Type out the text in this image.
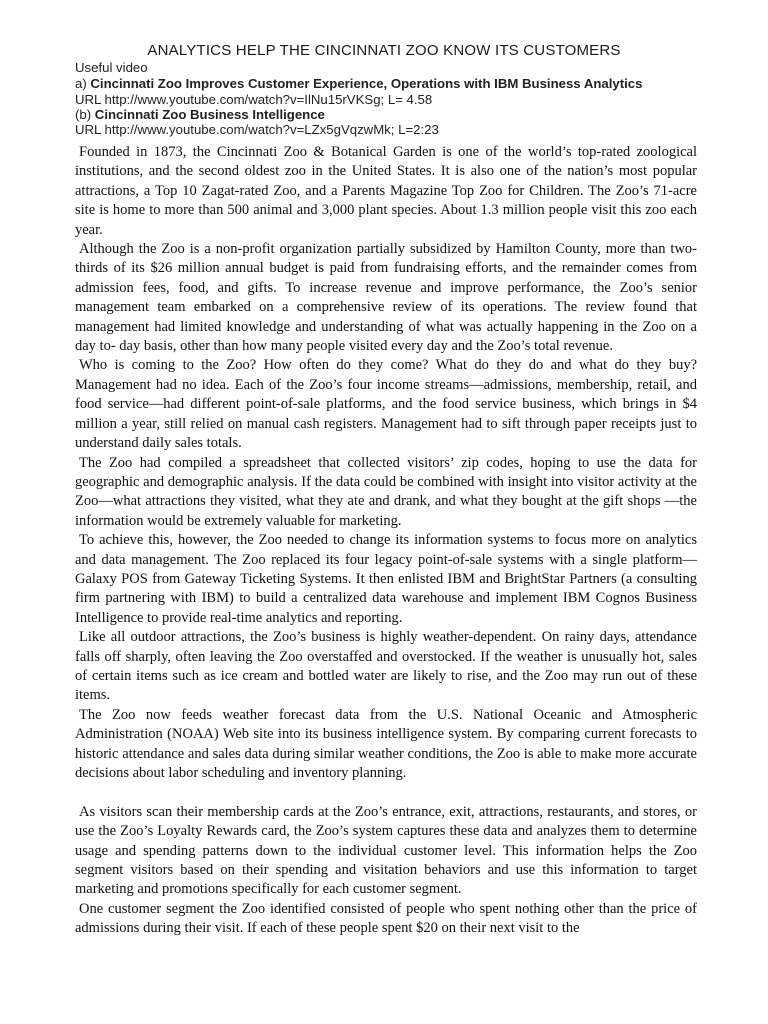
ANALYTICS HELP THE CINCINNATI ZOO KNOW ITS CUSTOMERS
Useful video
a) Cincinnati Zoo Improves Customer Experience, Operations with IBM Business Analytics
URL http://www.youtube.com/watch?v=IlNu15rVKSg; L= 4.58
(b) Cincinnati Zoo Business Intelligence
URL http://www.youtube.com/watch?v=LZx5gVqzwMk; L=2:23

Founded in 1873, the Cincinnati Zoo & Botanical Garden is one of the world’s top-rated zoological institutions, and the second oldest zoo in the United States. It is also one of the nation’s most popular attractions, a Top 10 Zagat-rated Zoo, and a Parents Magazine Top Zoo for Children. The Zoo’s 71-acre site is home to more than 500 animal and 3,000 plant species. About 1.3 million people visit this zoo each year.

Although the Zoo is a non-profit organization partially subsidized by Hamilton County, more than two-thirds of its $26 million annual budget is paid from fundraising efforts, and the remainder comes from admission fees, food, and gifts. To increase revenue and improve performance, the Zoo’s senior management team embarked on a comprehensive review of its operations. The review found that management had limited knowledge and understanding of what was actually happening in the Zoo on a day to- day basis, other than how many people visited every day and the Zoo’s total revenue.

Who is coming to the Zoo? How often do they come? What do they do and what do they buy? Management had no idea. Each of the Zoo’s four income streams—admissions, membership, retail, and food service—had different point-of-sale platforms, and the food service business, which brings in $4 million a year, still relied on manual cash registers. Management had to sift through paper receipts just to understand daily sales totals.

The Zoo had compiled a spreadsheet that collected visitors’ zip codes, hoping to use the data for geographic and demographic analysis. If the data could be combined with insight into visitor activity at the Zoo—what attractions they visited, what they ate and drank, and what they bought at the gift shops —the information would be extremely valuable for marketing.

To achieve this, however, the Zoo needed to change its information systems to focus more on analytics and data management. The Zoo replaced its four legacy point-of-sale systems with a single platform— Galaxy POS from Gateway Ticketing Systems. It then enlisted IBM and BrightStar Partners (a consulting firm partnering with IBM) to build a centralized data warehouse and implement IBM Cognos Business Intelligence to provide real-time analytics and reporting.

Like all outdoor attractions, the Zoo’s business is highly weather-dependent. On rainy days, attendance falls off sharply, often leaving the Zoo overstaffed and overstocked. If the weather is unusually hot, sales of certain items such as ice cream and bottled water are likely to rise, and the Zoo may run out of these items.

The Zoo now feeds weather forecast data from the U.S. National Oceanic and Atmospheric Administration (NOAA) Web site into its business intelligence system. By comparing current forecasts to historic attendance and sales data during similar weather conditions, the Zoo is able to make more accurate decisions about labor scheduling and inventory planning.

As visitors scan their membership cards at the Zoo’s entrance, exit, attractions, restaurants, and stores, or use the Zoo’s Loyalty Rewards card, the Zoo’s system captures these data and analyzes them to determine usage and spending patterns down to the individual customer level. This information helps the Zoo segment visitors based on their spending and visitation behaviors and use this information to target marketing and promotions specifically for each customer segment.

One customer segment the Zoo identified consisted of people who spent nothing other than the price of admissions during their visit. If each of these people spent $20 on their next visit to the
